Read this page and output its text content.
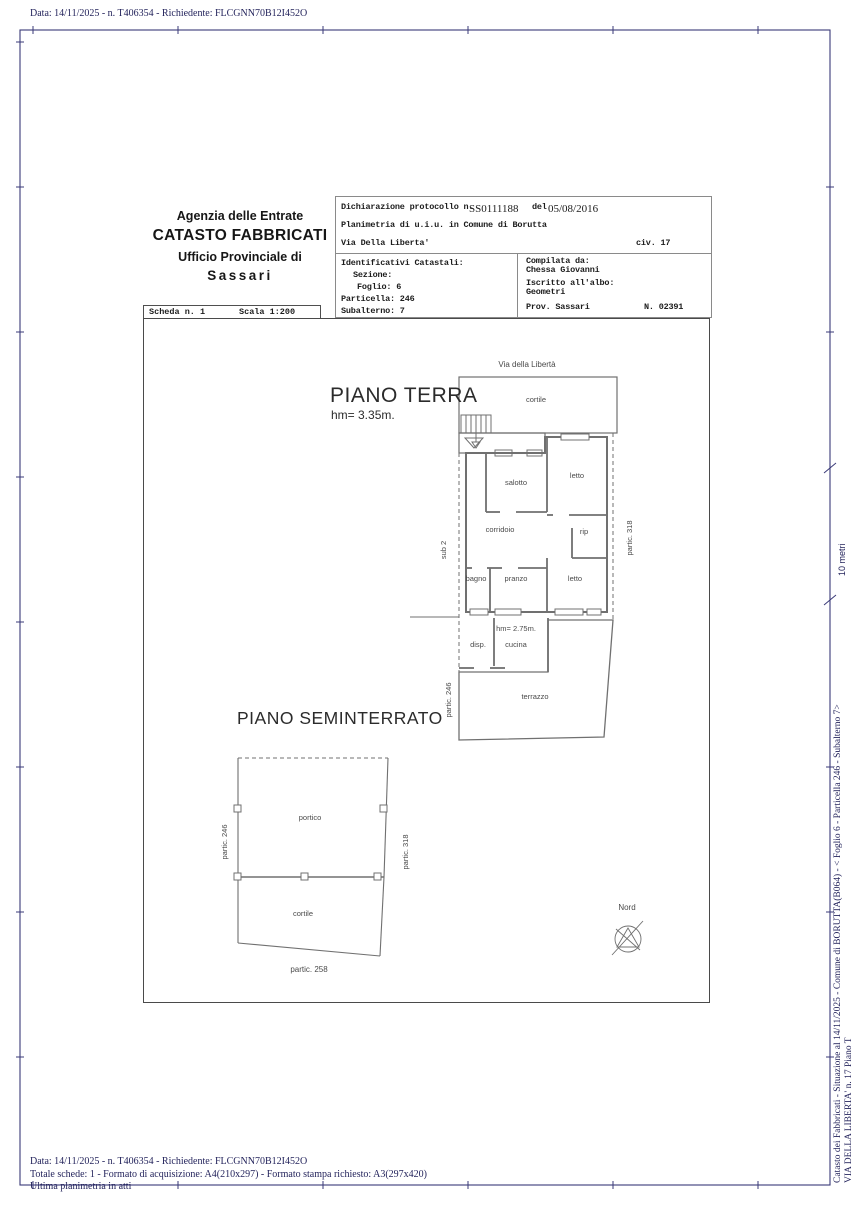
10 metri
Data: 14/11/2025 - n. T406354 - Richiedente: FLCGNN70B12I452O
Agenzia delle Entrate
CATASTO FABBRICATI
Ufficio Provinciale di
Sassari
Scheda n. 1	Scala 1:200
Dichiarazione protocollo n.
SS0111188 del 05/08/2016
Planimetria di u.i.u. in Comune di Borutta
Via Della Liberta'	civ. 17
Identificativi Catastali:
Sezione:
Foglio: 6
Particella: 246
Subalterno: 7
Compilata da:
Chessa Giovanni
Iscritto all'albo:
Geometri
Prov. Sassari	N. 02391
Via della Libertà
cortile
salotto
letto
corridoio	rip
bagno pranzo	letto
hm= 2.75m.
disp.	cucina
terrazzo
sub 2	partic. 318
partic. 246
portico
cortile
partic. 258
partic. 246	partic. 318
Nord
PIANO TERRA
hm= 3.35m.
PIANO SEMINTERRATO	Catasto dei Fabbricati - Situazione al 14/11/2025 - Comune di BORUTTA(B064) - < Foglio 6 - Particella 246 - Subalterno 7> VIA DELLA LIBERTA' n. 17 Piano T
Data: 14/11/2025 - n. T406354 - Richiedente: FLCGNN70B12I452O
Totale schede: 1 - Formato di acquisizione: A4(210x297) - Formato stampa richiesto: A3(297x420)
Ultima planimetria in atti
